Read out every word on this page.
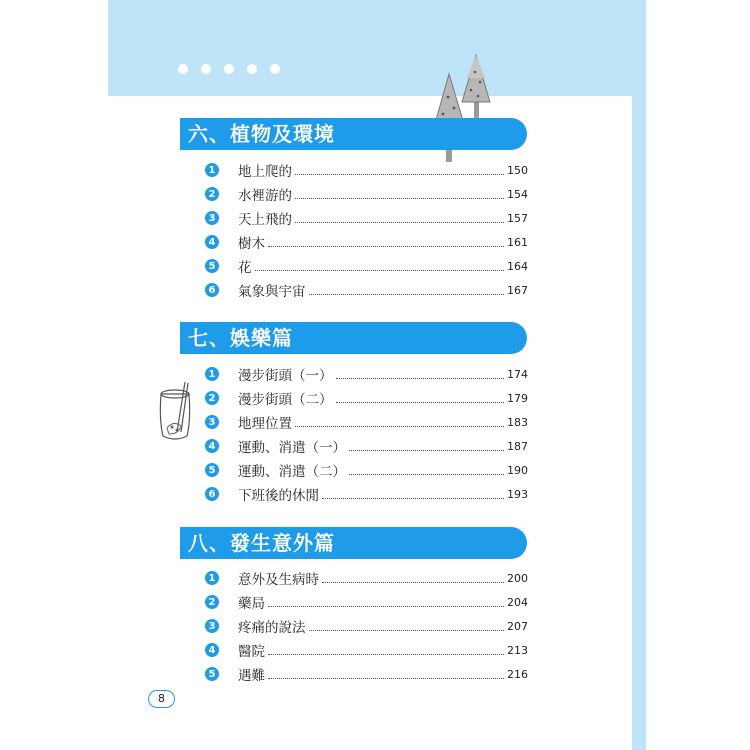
六、植物及環境
1 地上爬的	150
2 水裡游的	154
3 天上飛的	157
4 樹木	161
5 花	164
6 氣象與宇宙	167
七、娛樂篇
1 漫步街頭（一）	174
2 漫步街頭（二）	179
3 地理位置	183
4 運動、消遣（一）	187
5 運動、消遣（二）	190
6 下班後的休閒	193
八、發生意外篇
1 意外及生病時	200
2 藥局	204
3 疼痛的說法	207
4 醫院	213
5 遇難	216
8
